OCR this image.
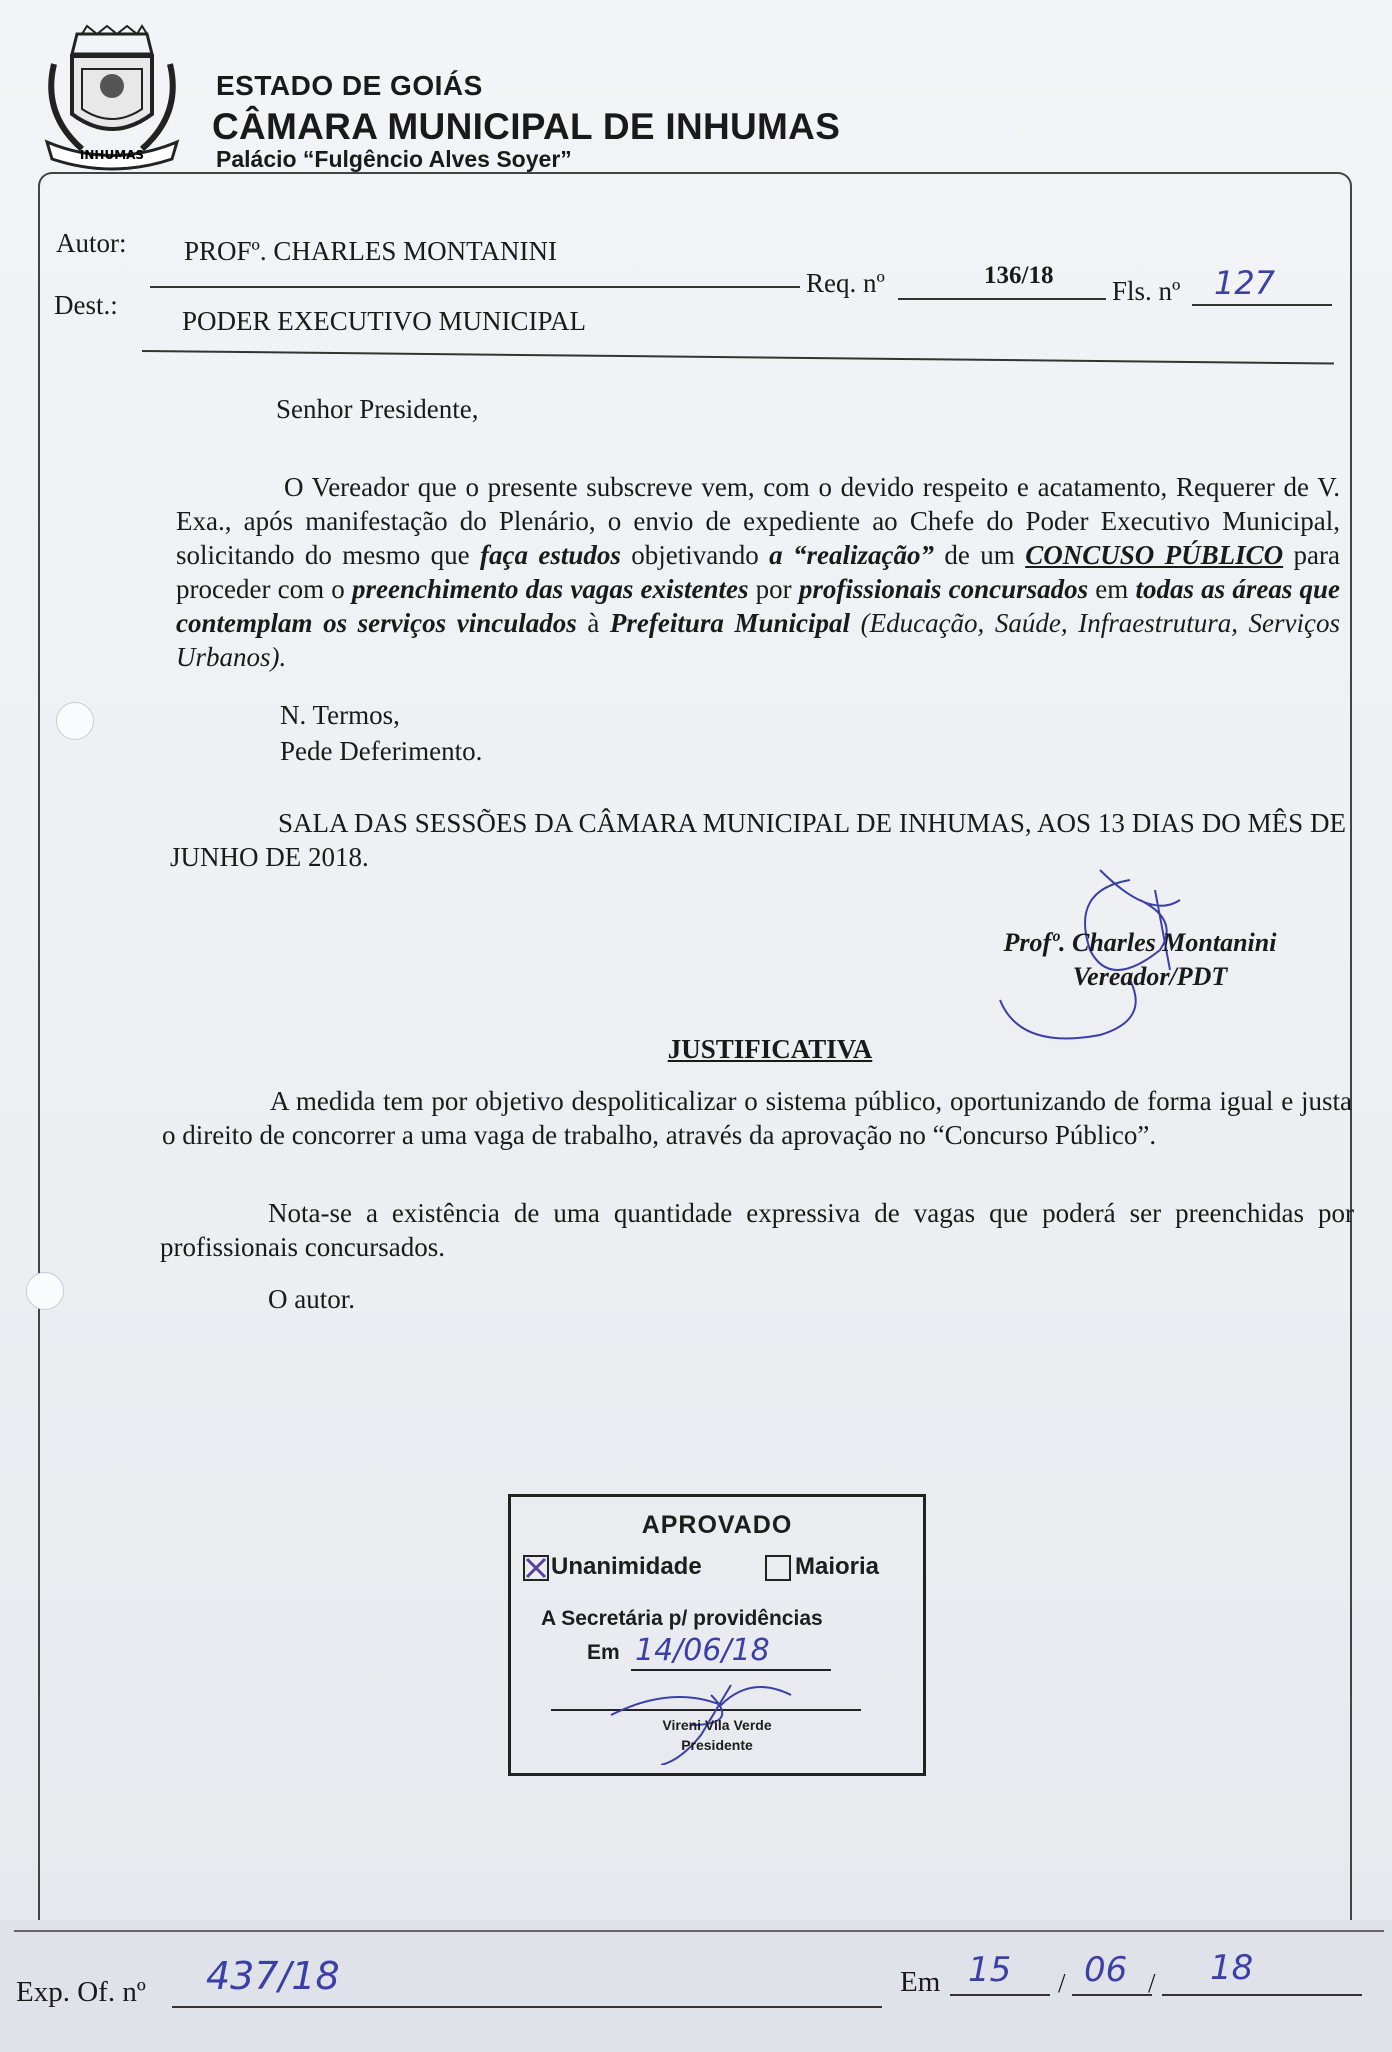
INHUMAS
ESTADO DE GOIÁS
CÂMARA MUNICIPAL DE INHUMAS
Palácio “Fulgêncio Alves Soyer”
Autor: PROFº. CHARLES MONTANINI
Req. nº	136/18
Fls. nº 127
Dest.:
PODER EXECUTIVO MUNICIPAL
Senhor Presidente,
O Vereador que o presente subscreve vem, com o devido respeito e acatamento, Requerer de V. Exa., após manifestação do Plenário, o envio de expediente ao Chefe do Poder Executivo Municipal, solicitando do mesmo que faça estudos objetivando a “realização” de um CONCUSO PÚBLICO para proceder com o preenchimento das vagas existentes por profissionais concursados em todas as áreas que contemplam os serviços vinculados à Prefeitura Municipal (Educação, Saúde, Infraestrutura, Serviços Urbanos).
N. Termos,
Pede Deferimento.
SALA DAS SESSÕES DA CÂMARA MUNICIPAL DE INHUMAS, AOS 13 DIAS DO MÊS DE JUNHO DE 2018.
Profº. Charles Montanini
Vereador/PDT
JUSTIFICATIVA
A medida tem por objetivo despoliticalizar o sistema público, oportunizando de forma igual e justa o direito de concorrer a uma vaga de trabalho, através da aprovação no “Concurso Público”.
Nota-se a existência de uma quantidade expressiva de vagas que poderá ser preenchidas por profissionais concursados.
O autor.
APROVADO
Unanimidade	Maioria
A Secretária p/ providências
Em 14/06/18
Vireni Vila Verde
Presidente
Exp. Of. nº 437/18	Em 15 / 06 / 18
